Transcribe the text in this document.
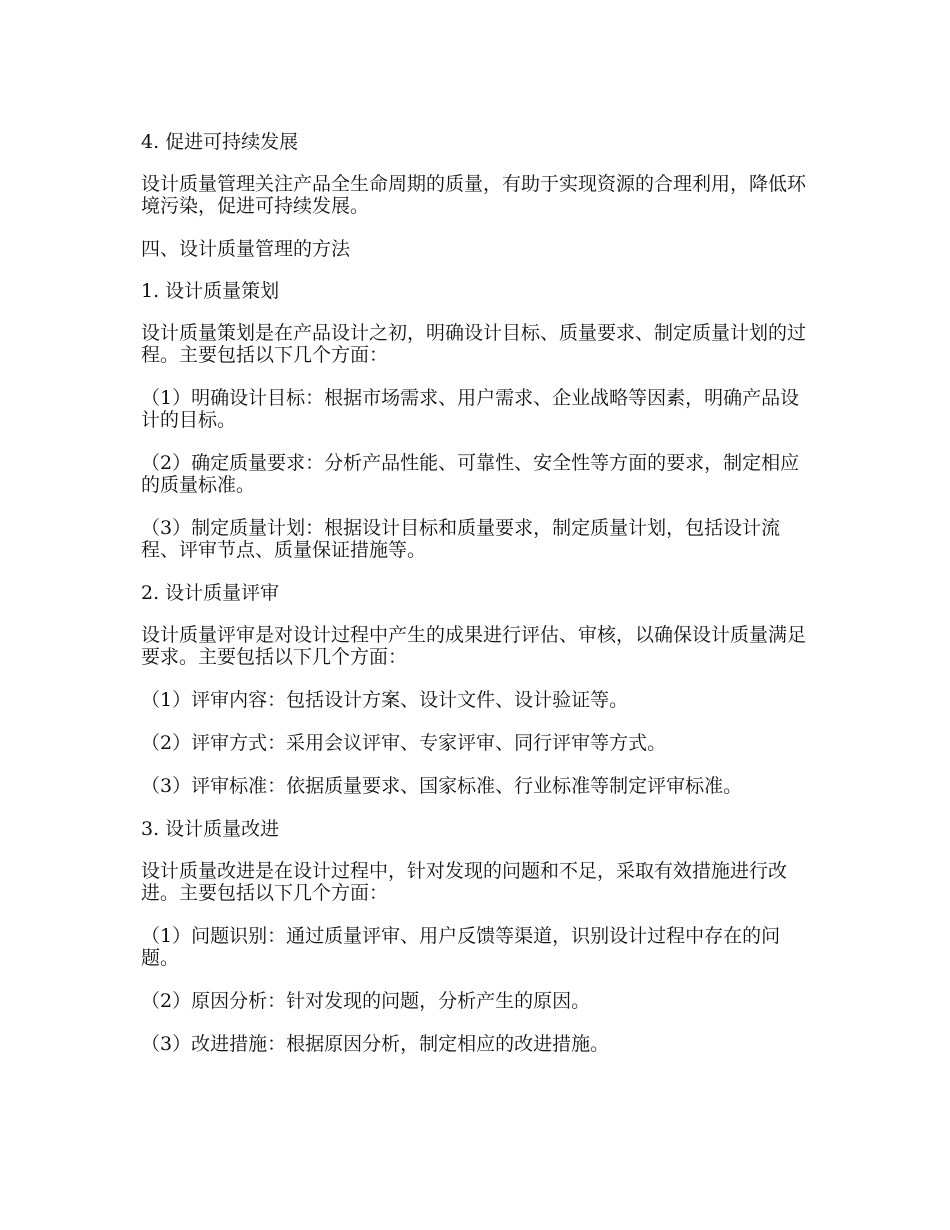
4. 促进可持续发展

设计质量管理关注产品全生命周期的质量，有助于实现资源的合理利用，降低环境污染，促进可持续发展。

四、设计质量管理的方法

1. 设计质量策划

设计质量策划是在产品设计之初，明确设计目标、质量要求、制定质量计划的过程。主要包括以下几个方面：

（1）明确设计目标：根据市场需求、用户需求、企业战略等因素，明确产品设计的目标。

（2）确定质量要求：分析产品性能、可靠性、安全性等方面的要求，制定相应的质量标准。

（3）制定质量计划：根据设计目标和质量要求，制定质量计划，包括设计流程、评审节点、质量保证措施等。

2. 设计质量评审

设计质量评审是对设计过程中产生的成果进行评估、审核，以确保设计质量满足要求。主要包括以下几个方面：

（1）评审内容：包括设计方案、设计文件、设计验证等。

（2）评审方式：采用会议评审、专家评审、同行评审等方式。

（3）评审标准：依据质量要求、国家标准、行业标准等制定评审标准。

3. 设计质量改进

设计质量改进是在设计过程中，针对发现的问题和不足，采取有效措施进行改进。主要包括以下几个方面：

（1）问题识别：通过质量评审、用户反馈等渠道，识别设计过程中存在的问题。

（2）原因分析：针对发现的问题，分析产生的原因。

（3）改进措施：根据原因分析，制定相应的改进措施。
